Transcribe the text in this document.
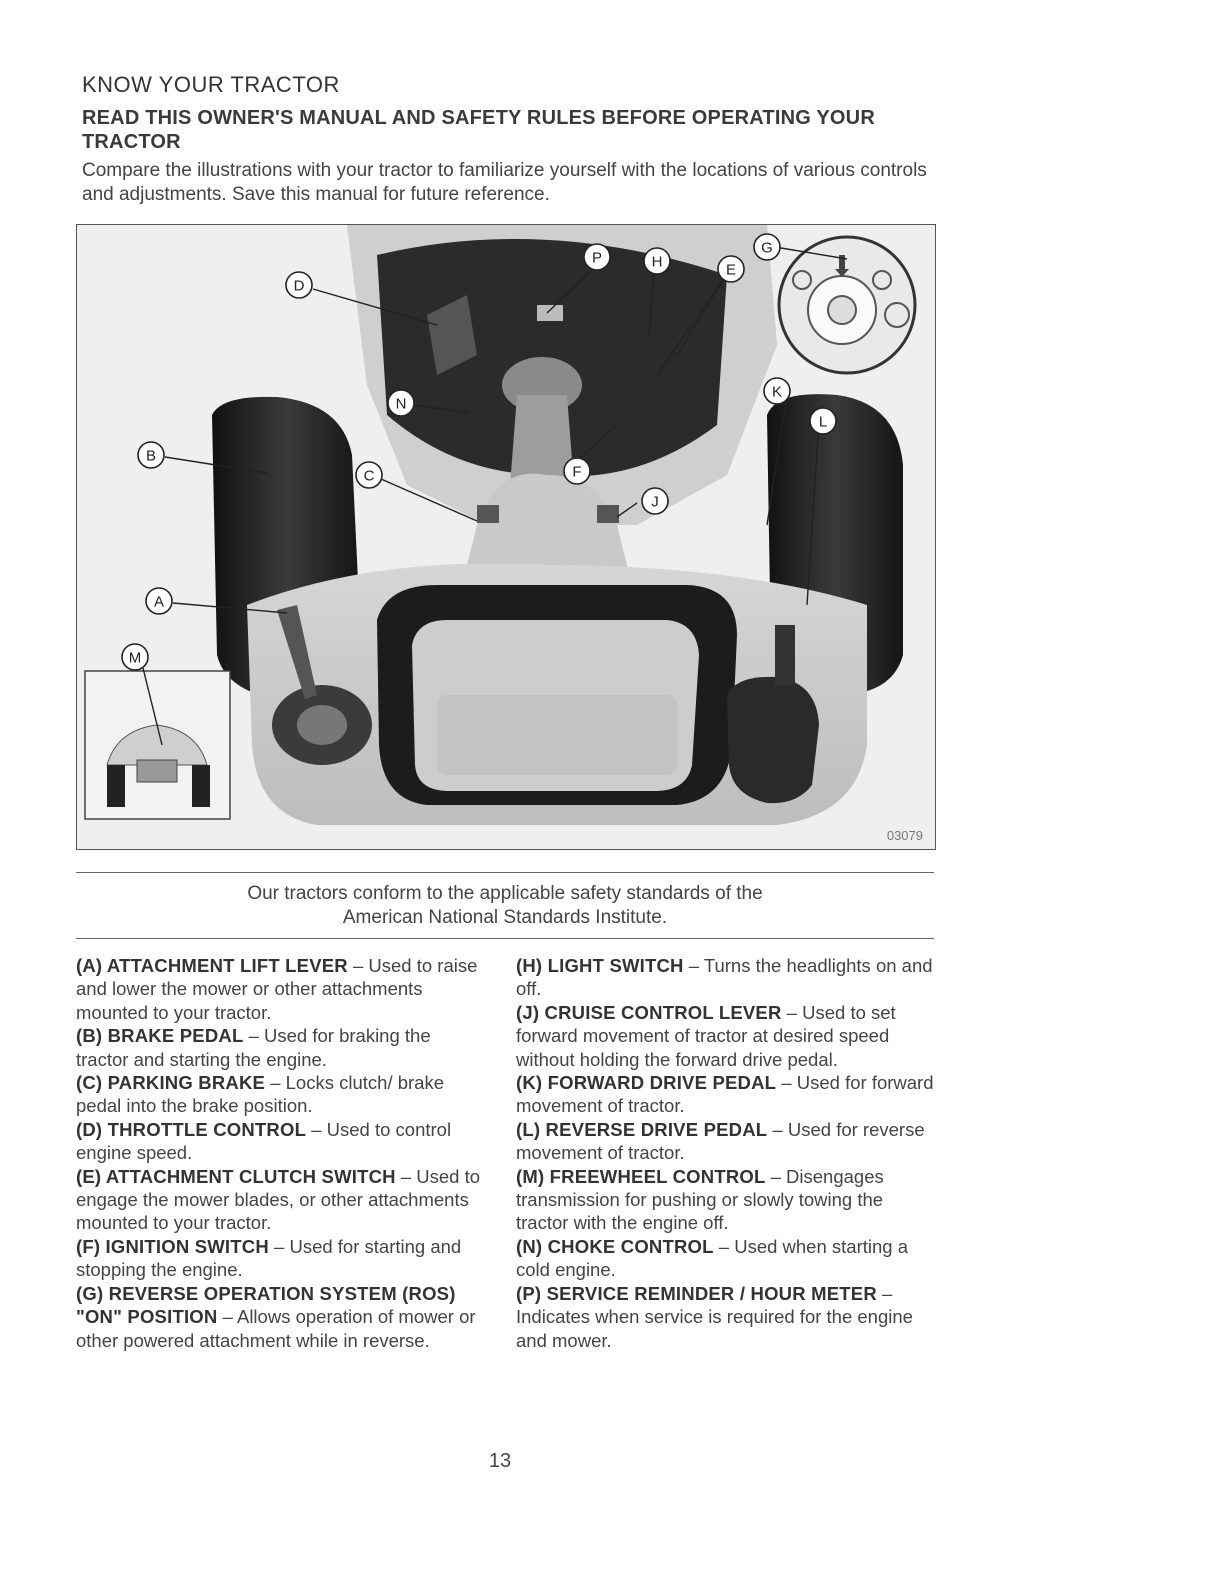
KNOW YOUR TRACTOR
READ THIS OWNER'S MANUAL AND SAFETY RULES BEFORE OPERATING YOUR TRACTOR
Compare the illustrations with your tractor to familiarize yourself with the locations of various controls and adjustments. Save this manual for future reference.
D
B
C
A
M
N
P	H	E
G
F
J
K
L
03079
Our tractors conform to the applicable safety standards of the
American National Standards Institute.

(A) ATTACHMENT LIFT LEVER – Used to raise and lower the mower or other attachments mounted to your tractor.

(B) BRAKE PEDAL – Used for braking the tractor and starting the engine.

(C) PARKING BRAKE – Locks clutch/ brake pedal into the brake position.

(D) THROTTLE CONTROL – Used to control engine speed.

(E) ATTACHMENT CLUTCH SWITCH – Used to engage the mower blades, or other attachments mounted to your tractor.

(F) IGNITION SWITCH – Used for starting and stopping the engine.

(G) REVERSE OPERATION SYSTEM (ROS) "ON" POSITION – Allows operation of mower or other powered attachment while in reverse.

(H) LIGHT SWITCH – Turns the headlights on and off.

(J) CRUISE CONTROL LEVER – Used to set forward movement of tractor at desired speed without holding the forward drive pedal.

(K) FORWARD DRIVE PEDAL – Used for forward movement of tractor.

(L) REVERSE DRIVE PEDAL – Used for reverse movement of tractor.

(M) FREEWHEEL CONTROL – Disengages transmission for pushing or slowly towing the tractor with the engine off.

(N) CHOKE CONTROL – Used when starting a cold engine.

(P) SERVICE REMINDER / HOUR METER – Indicates when service is required for the engine and mower.

13
